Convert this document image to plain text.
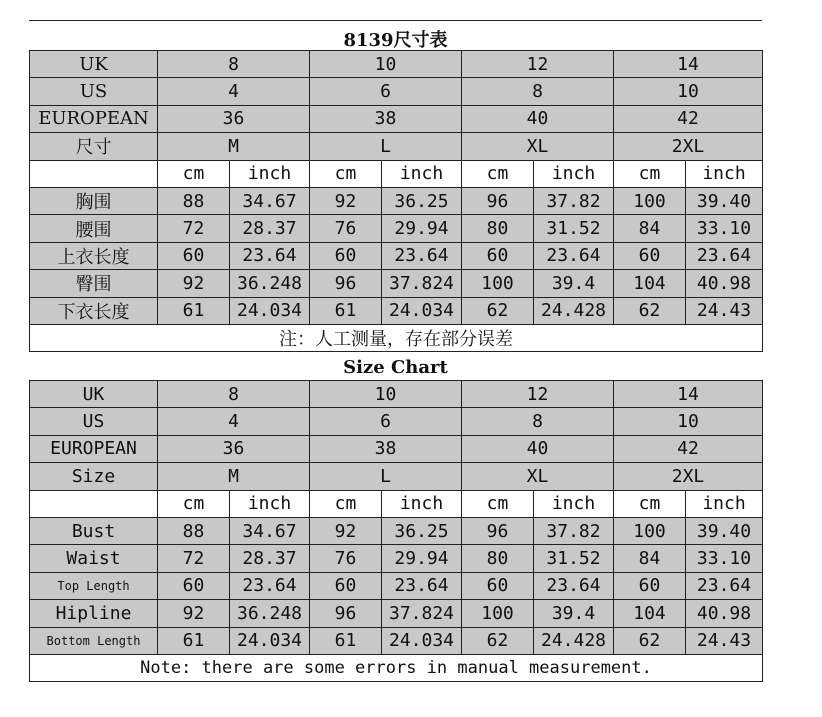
8139尺寸表
UK	8		10		12		14	
US	4		6		8		10	
EUROPEAN	36		38		40		42	
尺寸	M		L		XL		2XL	
	cm	inch	cm	inch	cm	inch	cm	inch
胸围	88	34.67	92	36.25	96	37.82	100	39.40
腰围	72	28.37	76	29.94	80	31.52	84	33.10
上衣长度	60	23.64	60	23.64	60	23.64	60	23.64
臀围	92	36.248	96	37.824	100	39.4	104	40.98
下衣长度	61	24.034	61	24.034	62	24.428	62	24.43
注：人工测量，存在部分误差								
Size Chart
UK	8		10		12		14	
US	4		6		8		10	
EUROPEAN	36		38		40		42	
Size	M		L		XL		2XL	
	cm	inch	cm	inch	cm	inch	cm	inch
Bust	88	34.67	92	36.25	96	37.82	100	39.40
Waist	72	28.37	76	29.94	80	31.52	84	33.10
Top Length	60	23.64	60	23.64	60	23.64	60	23.64
Hipline	92	36.248	96	37.824	100	39.4	104	40.98
Bottom Length	61	24.034	61	24.034	62	24.428	62	24.43
Note: there are some errors in manual measurement.								
